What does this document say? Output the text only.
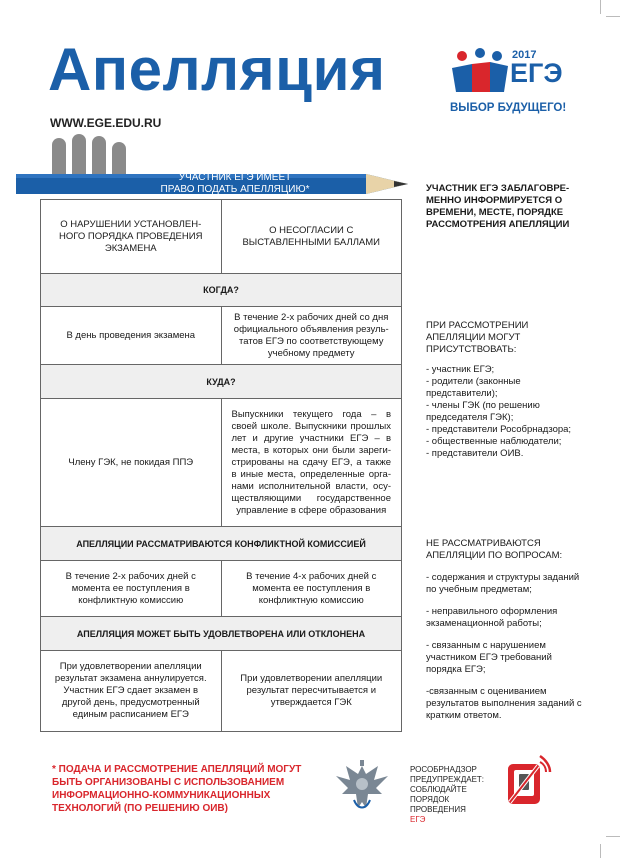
Апелляция
WWW.EGE.EDU.RU
2017
ЕГЭ
ВЫБОР БУДУЩЕГО!
УЧАСТНИК ЕГЭ ИМЕЕТ
ПРАВО ПОДАТЬ АПЕЛЛЯЦИЮ*
О НАРУШЕНИИ УСТАНОВЛЕН-НОГО ПОРЯДКА ПРОВЕДЕНИЯ ЭКЗАМЕНА
О НЕСОГЛАСИИ С ВЫСТАВЛЕННЫМИ БАЛЛАМИ
КОГДА?
В день проведения экзамена
В течение 2-х рабочих дней со дня официального объявления резуль-татов ЕГЭ по соответствующему учебному предмету
КУДА?
Члену ГЭК, не покидая ППЭ
Выпускники текущего года – в своей школе. Выпускники прошлых лет и другие участники ЕГЭ – в места, в которых они были зареги-стрированы на сдачу ЕГЭ, а также в иные места, определенные орга-нами исполнительной власти, осу-ществляющими государственное управление в сфере образования
АПЕЛЛЯЦИИ РАССМАТРИВАЮТСЯ КОНФЛИКТНОЙ КОМИССИЕЙ
В течение 2-х рабочих дней с момента ее поступления в конфликтную комиссию
В течение 4-х рабочих дней с момента ее поступления в конфликтную комиссию
АПЕЛЛЯЦИЯ МОЖЕТ БЫТЬ УДОВЛЕТВОРЕНА ИЛИ ОТКЛОНЕНА
При удовлетворении апелляции результат экзамена аннулируется. Участник ЕГЭ сдает экзамен в другой день, предусмотренный единым расписанием ЕГЭ
При удовлетворении апелляции результат пересчитывается и утверждается ГЭК
УЧАСТНИК ЕГЭ ЗАБЛАГОВРЕ-МЕННО ИНФОРМИРУЕТСЯ О ВРЕМЕНИ, МЕСТЕ, ПОРЯДКЕ РАССМОТРЕНИЯ АПЕЛЛЯЦИИ
ПРИ РАССМОТРЕНИИ АПЕЛЛЯЦИИ МОГУТ ПРИСУТСТВОВАТЬ:

- участник ЕГЭ;

- родители (законные представители);

- члены ГЭК (по решению председателя ГЭК);

- представители Рособрнадзора;

- общественные наблюдатели;

- представители ОИВ.

НЕ РАССМАТРИВАЮТСЯ АПЕЛЛЯЦИИ ПО ВОПРОСАМ:

- содержания и структуры заданий по учебным предметам;

- неправильного оформления экзаменационной работы;

- связанным с нарушением участником ЕГЭ требований порядка ЕГЭ;

-связанным с оцениванием результатов выполнения заданий с кратким ответом.

* ПОДАЧА И РАССМОТРЕНИЕ АПЕЛЛЯЦИЙ МОГУТ БЫТЬ ОРГАНИЗОВАНЫ С ИСПОЛЬЗОВАНИЕМ ИНФОРМАЦИОННО-КОММУНИКАЦИОННЫХ ТЕХНОЛОГИЙ (ПО РЕШЕНИЮ ОИВ)
РОСОБРНАДЗОР
ПРЕДУПРЕЖДАЕТ:
СОБЛЮДАЙТЕ
ПОРЯДОК
ПРОВЕДЕНИЯ
ЕГЭ
